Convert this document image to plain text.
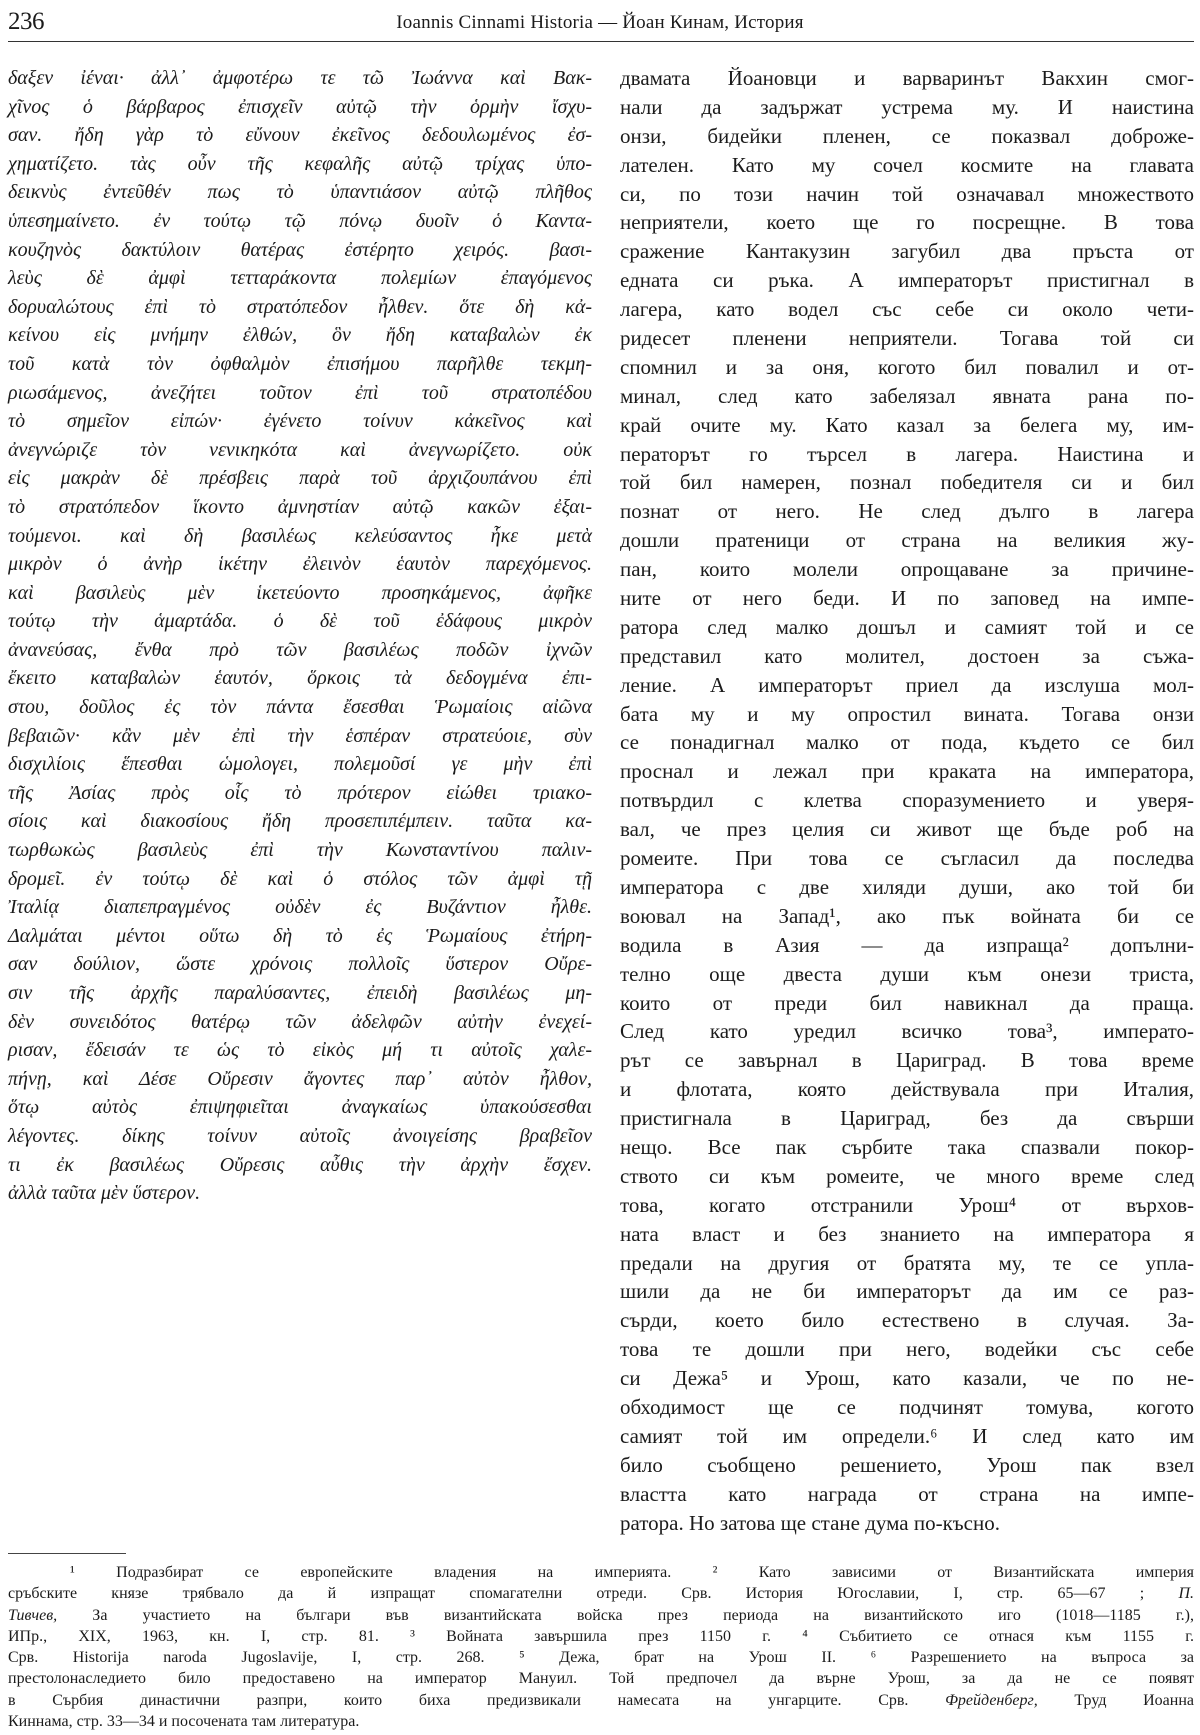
236	Ioannis Cinnami Historia — Йоан Кинам, История
δαξεν ἰέναι· ἀλλ᾽ ἀμφοτέρω τε τῶ Ἰωάννα καὶ Βακ-
χῖνος ὁ βάρβαρος ἐπισχεῖν αὐτῷ τὴν ὁρμὴν ἴσχυ-
σαν. ἤδη γὰρ τὸ εὔνουν ἐκεῖνος δεδουλωμένος ἐσ-
χηματίζετο. τὰς οὖν τῆς κεφαλῆς αὐτῷ τρίχας ὑπο-
δεικνὺς ἐντεῦθέν πως τὸ ὑπαντιάσον αὐτῷ πλῆθος
ὑπεσημαίνετο. ἐν τούτῳ τῷ πόνῳ δυοῖν ὁ Καντα-
κουζηνὸς δακτύλοιν θατέρας ἐστέρητο χειρός. βασι-
λεὺς δὲ ἀμφὶ τετταράκοντα πολεμίων ἐπαγόμενος
δορυαλώτους ἐπὶ τὸ στρατόπεδον ἦλθεν. ὅτε δὴ κἀ-
κείνου εἰς μνήμην ἐλθών, ὃν ἤδη καταβαλὼν ἐκ
τοῦ κατὰ τὸν ὀφθαλμὸν ἐπισήμου παρῆλθε τεκμη-
ριωσάμενος, ἀνεζήτει τοῦτον ἐπὶ τοῦ στρατοπέδου
τὸ σημεῖον εἰπών· ἐγένετο τοίνυν κἀκεῖνος καὶ
ἀνεγνώριζε τὸν νενικηκότα καὶ ἀνεγνωρίζετο. οὐκ
εἰς μακρὰν δὲ πρέσβεις παρὰ τοῦ ἀρχιζουπάνου ἐπὶ
τὸ στρατόπεδον ἵκοντο ἀμνηστίαν αὐτῷ κακῶν ἐξαι-
τούμενοι. καὶ δὴ βασιλέως κελεύσαντος ἧκε μετὰ
μικρὸν ὁ ἀνὴρ ἱκέτην ἐλεινὸν ἑαυτὸν παρεχόμενος.
καὶ βασιλεὺς μὲν ἱκετεύοντο προσηκάμενος, ἀφῆκε
τούτῳ τὴν ἁμαρτάδα. ὁ δὲ τοῦ ἐδάφους μικρὸν
ἀνανεύσας, ἔνθα πρὸ τῶν βασιλέως ποδῶν ἰχνῶν
ἔκειτο καταβαλὼν ἑαυτόν, ὅρκοις τὰ δεδογμένα ἐπι-
στου, δοῦλος ἐς τὸν πάντα ἔσεσθαι Ῥωμαίοις αἰῶνα
βεβαιῶν· κἂν μὲν ἐπὶ τὴν ἑσπέραν στρατεύοιε, σὺν
δισχιλίοις ἕπεσθαι ὡμολογει, πολεμοῦσί γε μὴν ἐπὶ
τῆς Ἀσίας πρὸς οἷς τὸ πρότερον εἰώθει τριακο-
σίοις καὶ διακοσίους ἤδη προσεπιπέμπειν. ταῦτα κα-
τωρθωκὼς βασιλεὺς ἐπὶ τὴν Κωνσταντίνου παλιν-
δρομεῖ. ἐν τούτῳ δὲ καὶ ὁ στόλος τῶν ἀμφὶ τῇ
Ἰταλίᾳ διαπεπραγμένος οὐδὲν ἐς Βυζάντιον ἦλθε.
Δαλμάται μέντοι οὕτω δὴ τὸ ἐς Ῥωμαίους ἐτήρη-
σαν δούλιον, ὥστε χρόνοις πολλοῖς ὕστερον Οὔρε-
σιν τῆς ἀρχῆς παραλύσαντες, ἐπειδὴ βασιλέως μη-
δὲν συνειδότος θατέρῳ τῶν ἀδελφῶν αὐτὴν ἐνεχεί-
ρισαν, ἔδεισάν τε ὡς τὸ εἰκὸς μή τι αὐτοῖς χαλε-
πήνῃ, καὶ Δέσε Οὔρεσιν ἄγοντες παρ᾽ αὐτὸν ἦλθον,
ὅτῳ αὐτὸς ἐπιψηφιεῖται ἀναγκαίως ὑπακούσεσθαι
λέγοντες. δίκης τοίνυν αὐτοῖς ἀνοιγείσης βραβεῖον
τι ἐκ βασιλέως Οὔρεσις αὖθις τὴν ἀρχὴν ἔσχεν.
ἀλλὰ ταῦτα μὲν ὕστερον.
двамата Йоановци и варваринът Вакхин смог-
нали да задържат устрема му. И наистина
онзи, бидейки пленен, се показвал доброже-
лателен. Като му сочел космите на главата
си, по този начин той означавал множеството
неприятели, което ще го посрещне. В това
сражение Кантакузин загубил два пръста от
едната си ръка. А императорът пристигнал в
лагера, като водел със себе си около чети-
ридесет пленени неприятели. Тогава той си
спомнил и за оня, когото бил повалил и от-
минал, след като забелязал явната рана по-
край очите му. Като казал за белега му, им-
ператорът го търсел в лагера. Наистина и
той бил намерен, познал победителя си и бил
познат от него. Не след дълго в лагера
дошли пратеници от страна на великия жу-
пан, които молели опрощаване за причине-
ните от него беди. И по заповед на импе-
ратора след малко дошъл и самият той и се
представил като молител, достоен за съжа-
ление. А императорът приел да изслуша мол-
бата му и му опростил вината. Тогава онзи
се понадигнал малко от пода, където се бил
проснал и лежал при краката на императора,
потвърдил с клетва споразумението и уверя-
вал, че през целия си живот ще бъде роб на
ромеите. При това се съгласил да последва
императора с две хиляди души, ако той би
воювал на Запад¹, ако пък войната би се
водила в Азия — да изпраща² допълни-
телно още двеста души към онези триста,
които от преди бил навикнал да праща.
След като уредил всичко това³, императо-
рът се завърнал в Цариград. В това време
и флотата, която действувала при Италия,
пристигнала в Цариград, без да свърши
нещо. Все пак сърбите така спазвали покор-
ството си към ромеите, че много време след
това, когато отстранили Урош⁴ от върхов-
ната власт и без знанието на императора я
предали на другия от братята му, те се упла-
шили да не би императорът да им се раз-
сърди, което било естествено в случая. За-
това те дошли при него, водейки със себе
си Дежа⁵ и Урош, като казали, че по не-
обходимост ще се подчинят томува, когото
самият той им определи.⁶ И след като им
било съобщено решението, Урош пак взел
властта като награда от страна на импе-
ратора. Но затова ще стане дума по-късно.
¹ Подразбират се европейските владения на империята. ² Като зависими от Византийската империя
сръбските князе трябвало да й изпращат спомагателни отреди. Срв. История Югославии, I, стр. 65—67 ; П.
Тивчев, За участието на българи във византийската войска през периода на византийското иго (1018—1185 г.),
ИПр., XIX, 1963, кн. I, стр. 81. ³ Войната завършила през 1150 г. ⁴ Събитието се отнася към 1155 г.
Срв. Historija naroda Jugoslavije, I, стр. 268. ⁵ Дежа, брат на Урош II. ⁶ Разрешението на въпроса за
престолонаследието било предоставено на император Мануил. Той предпочел да върне Урош, за да не се появят
в Сърбия династични разпри, които биха предизвикали намесата на унгарците. Срв. Фрейденберг, Труд Иоанна
Киннама, стр. 33—34 и посочената там литература.
